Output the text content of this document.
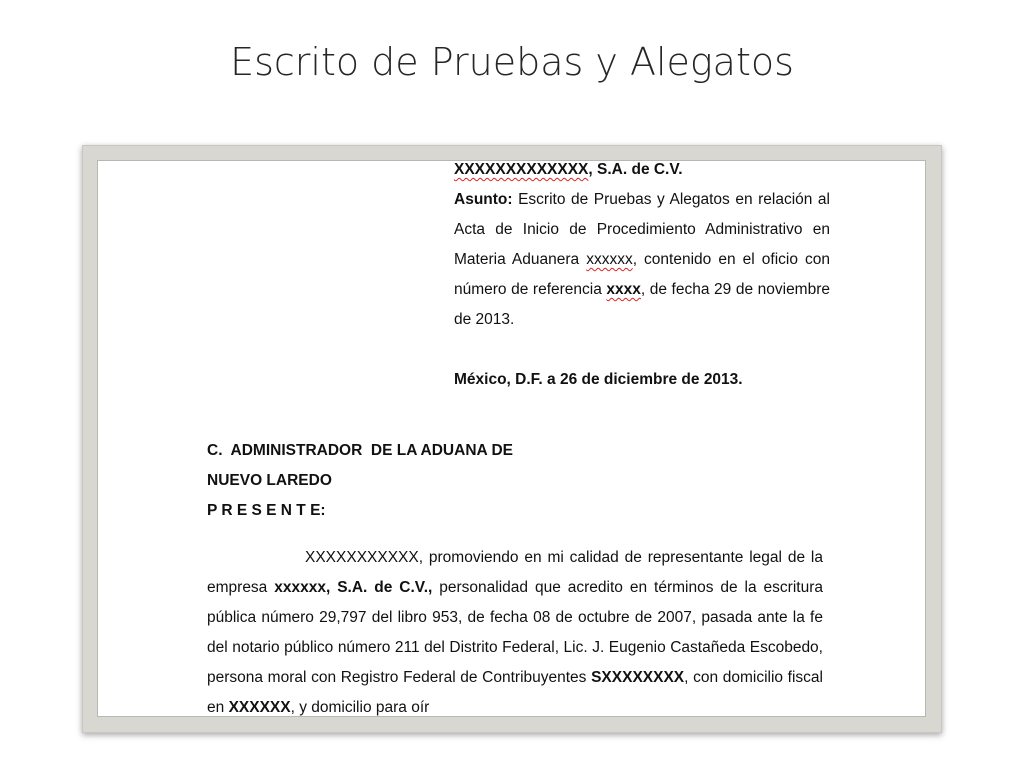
Escrito de Pruebas y Alegatos

XXXXXXXXXXXXX, S.A. de C.V.

Asunto: Escrito de Pruebas y Alegatos en relación al Acta de Inicio de Procedimiento Administrativo en Materia Aduanera xxxxxx, contenido en el oficio con número de referencia xxxx, de fecha 29 de noviembre de 2013.

México, D.F. a 26 de diciembre de 2013.

C.  ADMINISTRADOR  DE LA ADUANA DE
NUEVO LAREDO
P R E S E N T E:

XXXXXXXXXXX, promoviendo en mi calidad de representante legal de la empresa xxxxxx, S.A. de C.V., personalidad que acredito en términos de la escritura pública número 29,797 del libro 953, de fecha 08 de octubre de 2007, pasada ante la fe del notario público número 211 del Distrito Federal, Lic. J. Eugenio Castañeda Escobedo, persona moral con Registro Federal de Contribuyentes SXXXXXXXX, con domicilio fiscal en XXXXXX, y domicilio para oír
